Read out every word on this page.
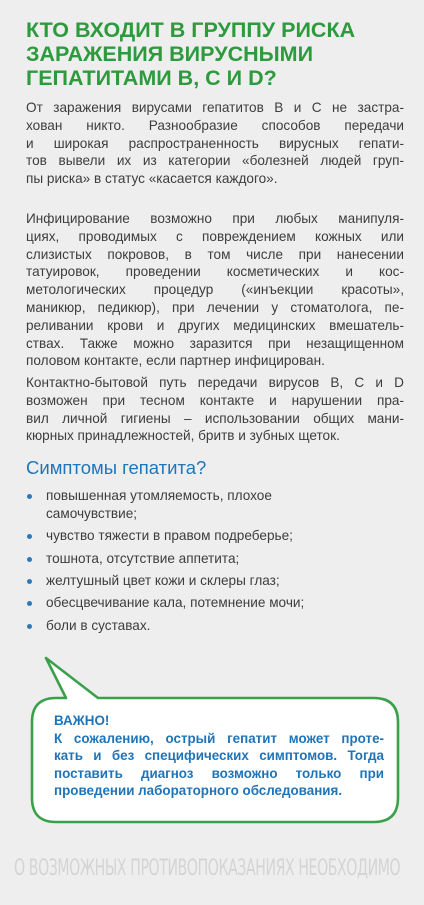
КТО ВХОДИТ В ГРУППУ РИСКА
ЗАРАЖЕНИЯ ВИРУСНЫМИ
ГЕПАТИТАМИ В, С И D?
От заражения вирусами гепатитов В и С не застра-
хован никто. Разнообразие способов передачи
и широкая распространенность вирусных гепати-
тов вывели их из категории «болезней людей груп-
пы риска» в статус «касается каждого».
Инфицирование возможно при любых манипуля-
циях, проводимых с повреждением кожных или
слизистых покровов, в том числе при нанесении
татуировок, проведении косметических и кос-
метологических процедур («инъекции красоты»,
маникюр, педикюр), при лечении у стоматолога, пе-
реливании крови и других медицинских вмешатель-
ствах. Также можно заразится при незащищенном
половом контакте, если партнер инфицирован.
Контактно-бытовой путь передачи вирусов В, С и D
возможен при тесном контакте и нарушении пра-
вил личной гигиены – использовании общих мани-
кюрных принадлежностей, бритв и зубных щеток.
Симптомы гепатита?
повышенная утомляемость, плохое
самочувствие;
чувство тяжести в правом подреберье;
тошнота, отсутствие аппетита;
желтушный цвет кожи и склеры глаз;
обесцвечивание кала, потемнение мочи;
боли в суставах.
ВАЖНО!
К сожалению, острый гепатит может проте-
кать и без специфических симптомов. Тогда
поставить диагноз возможно только при
проведении лабораторного обследования.
О ВОЗМОЖНЫХ ПРОТИВОПОКАЗАНИЯХ НЕОБХОДИМО
